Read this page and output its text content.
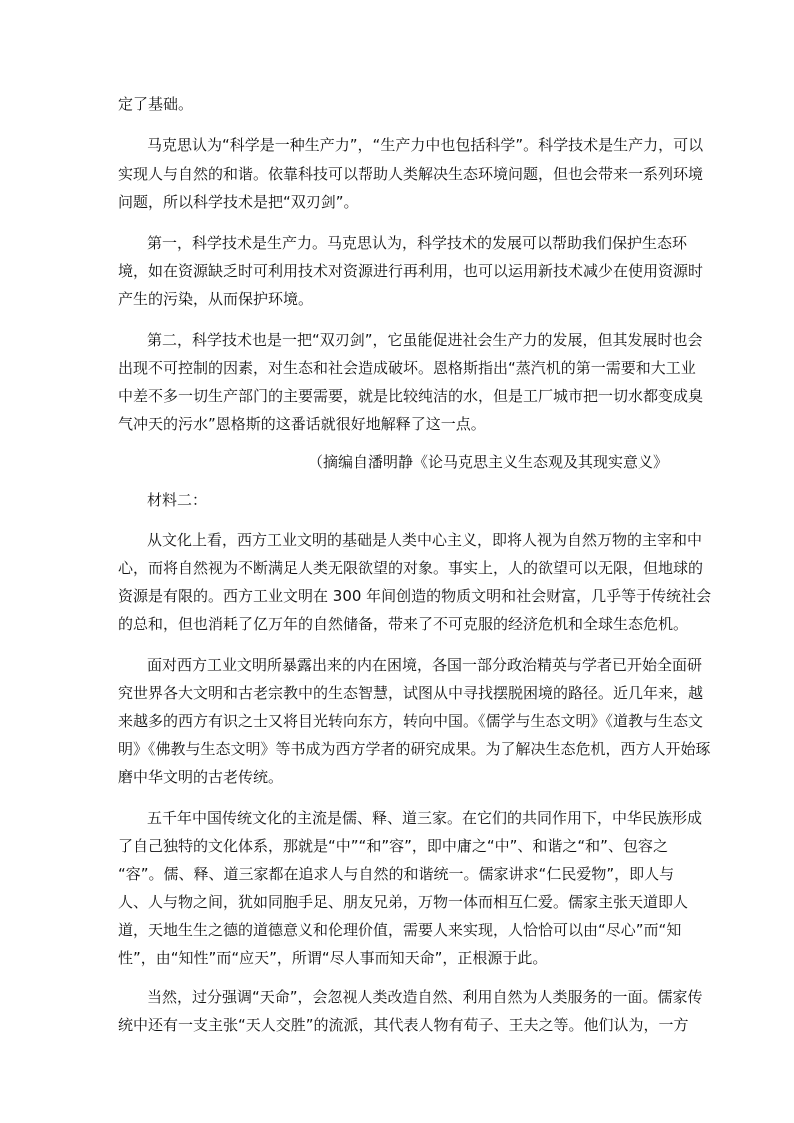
定了基础。
马克思认为“科学是一种生产力”，“生产力中也包括科学”。科学技术是生产力，可以
实现人与自然的和谐。依靠科技可以帮助人类解决生态环境问题，但也会带来一系列环境
问题，所以科学技术是把“双刃剑”。
第一，科学技术是生产力。马克思认为，科学技术的发展可以帮助我们保护生态环
境，如在资源缺乏时可利用技术对资源进行再利用，也可以运用新技术减少在使用资源时
产生的污染，从而保护环境。
第二，科学技术也是一把“双刃剑”，它虽能促进社会生产力的发展，但其发展时也会
出现不可控制的因素，对生态和社会造成破坏。恩格斯指出“蒸汽机的第一需要和大工业
中差不多一切生产部门的主要需要，就是比较纯洁的水，但是工厂城市把一切水都变成臭
气冲天的污水”恩格斯的这番话就很好地解释了这一点。
（摘编自潘明静《论马克思主义生态观及其现实意义》
材料二：
从文化上看，西方工业文明的基础是人类中心主义，即将人视为自然万物的主宰和中
心，而将自然视为不断满足人类无限欲望的对象。事实上，人的欲望可以无限，但地球的
资源是有限的。西方工业文明在 300 年间创造的物质文明和社会财富，几乎等于传统社会
的总和，但也消耗了亿万年的自然储备，带来了不可克服的经济危机和全球生态危机。
面对西方工业文明所暴露出来的内在困境，各国一部分政治精英与学者已开始全面研
究世界各大文明和古老宗教中的生态智慧，试图从中寻找摆脱困境的路径。近几年来，越
来越多的西方有识之士又将目光转向东方，转向中国。《儒学与生态文明》《道教与生态文
明》《佛教与生态文明》等书成为西方学者的研究成果。为了解决生态危机，西方人开始琢
磨中华文明的古老传统。
五千年中国传统文化的主流是儒、释、道三家。在它们的共同作用下，中华民族形成
了自己独特的文化体系，那就是“中”“和”容”，即中庸之“中”、和谐之“和”、包容之
“容”。儒、释、道三家都在追求人与自然的和谐统一。儒家讲求“仁民爱物”，即人与
人、人与物之间，犹如同胞手足、朋友兄弟，万物一体而相互仁爱。儒家主张天道即人
道，天地生生之德的道德意义和伦理价值，需要人来实现，人恰恰可以由“尽心”而“知
性”，由“知性”而“应天”，所谓“尽人事而知天命”，正根源于此。
当然，过分强调“天命”，会忽视人类改造自然、利用自然为人类服务的一面。儒家传
统中还有一支主张“天人交胜”的流派，其代表人物有荀子、王夫之等。他们认为，一方
